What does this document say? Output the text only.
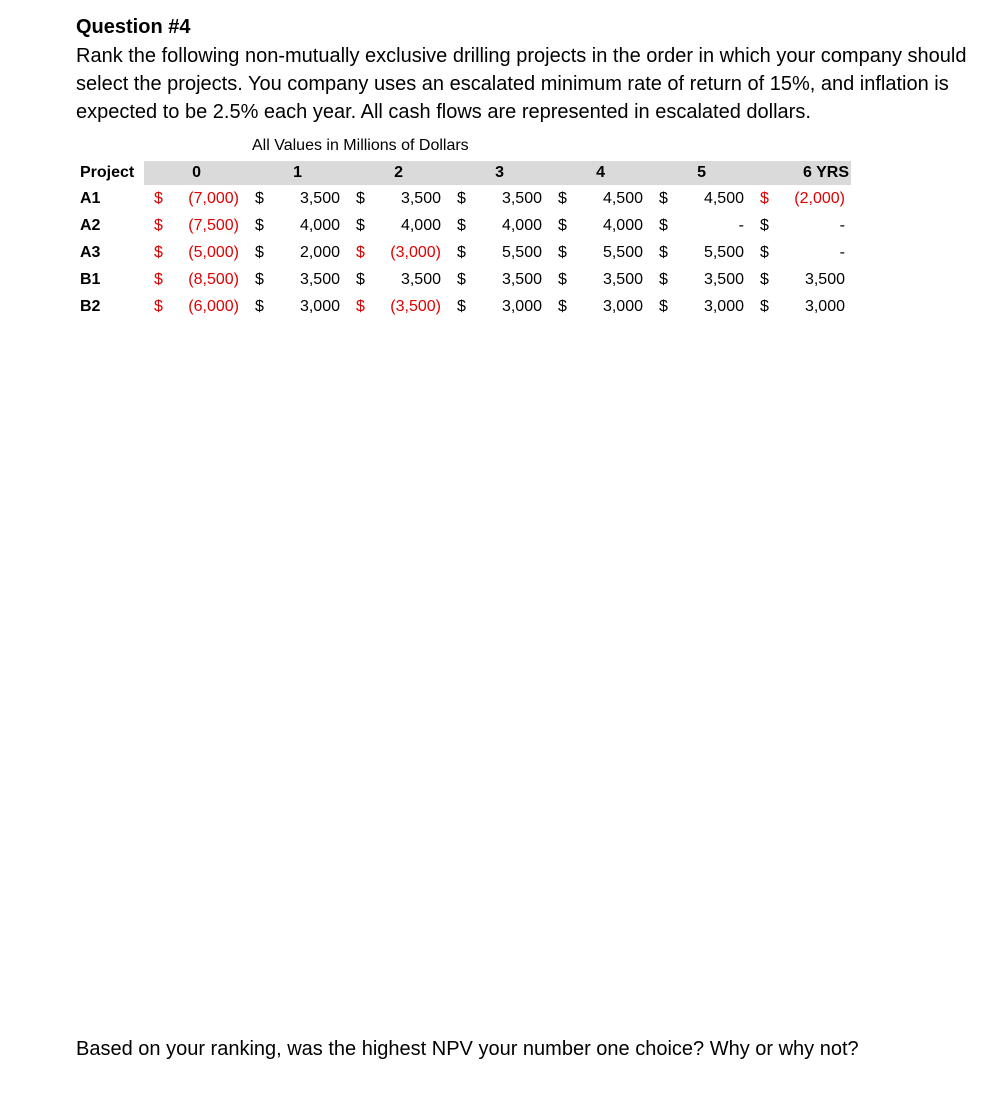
Question #4
Rank the following non-mutually exclusive drilling projects in the order in which your company should select the projects. You company uses an escalated minimum rate of return of 15%, and inflation is expected to be 2.5% each year. All cash flows are represented in escalated dollars.
All Values in Millions of Dollars
Project	0	1	2	3	4	5	6 YRS
A1	$ (7,000)	$ 3,500	$ 3,500	$ 3,500	$ 4,500	$ 4,500	$ (2,000)

A2	$ (7,500)	$ 4,000	$ 4,000	$ 4,000	$ 4,000	$ -	$ -

A3	$ (5,000)	$ 2,000	$ (3,000)	$ 5,500	$ 5,500	$ 5,500	$ -

B1	$ (8,500)	$ 3,500	$ 3,500	$ 3,500	$ 3,500	$ 3,500	$ 3,500

B2	$ (6,000)	$ 3,000	$ (3,500)	$ 3,000	$ 3,000	$ 3,000	$ 3,000
Based on your ranking, was the highest NPV your number one choice? Why or why not?
